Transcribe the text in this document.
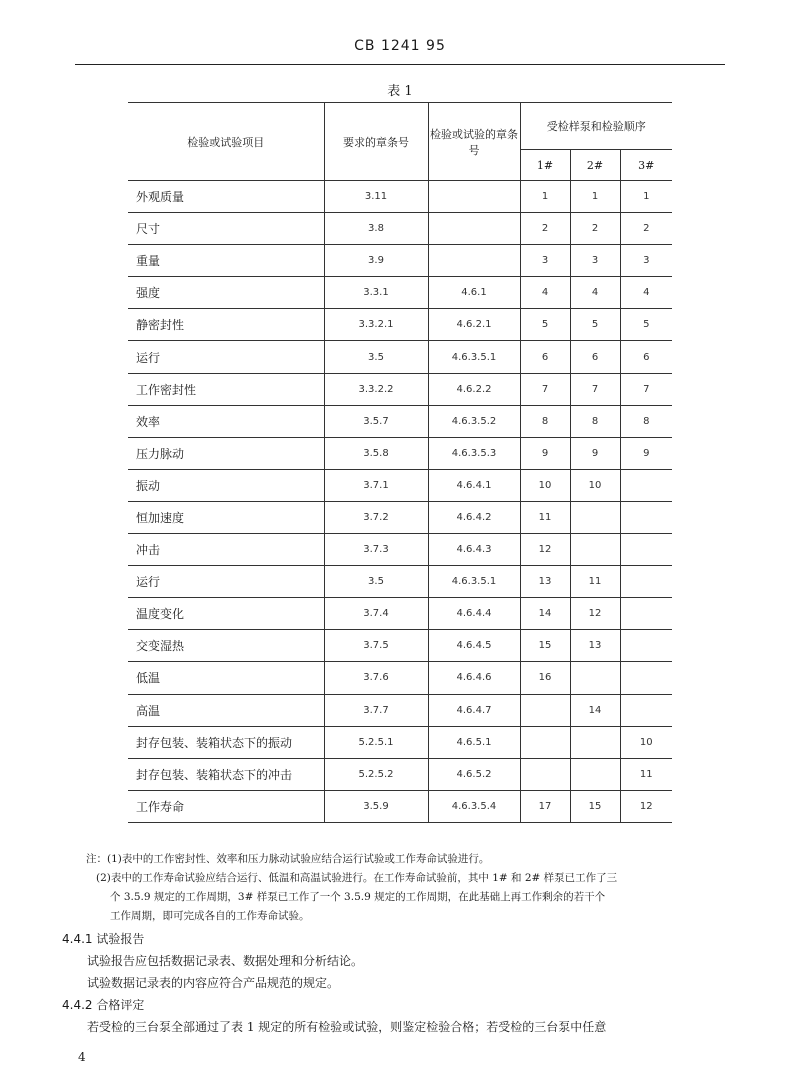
CB 1241 95
表 1
检验或试验项目	要求的章条号	检验或试验的章条号	受检样泵和检验顺序		
			1#	2#	3#
外观质量	3.11		1	1	1
尺寸	3.8		2	2	2
重量	3.9		3	3	3
强度	3.3.1	4.6.1	4	4	4
静密封性	3.3.2.1	4.6.2.1	5	5	5
运行	3.5	4.6.3.5.1	6	6	6
工作密封性	3.3.2.2	4.6.2.2	7	7	7
效率	3.5.7	4.6.3.5.2	8	8	8
压力脉动	3.5.8	4.6.3.5.3	9	9	9
振动	3.7.1	4.6.4.1	10	10	
恒加速度	3.7.2	4.6.4.2	11		
冲击	3.7.3	4.6.4.3	12		
运行	3.5	4.6.3.5.1	13	11	
温度变化	3.7.4	4.6.4.4	14	12	
交变湿热	3.7.5	4.6.4.5	15	13	
低温	3.7.6	4.6.4.6	16		
高温	3.7.7	4.6.4.7		14	
封存包装、装箱状态下的振动	5.2.5.1	4.6.5.1			10
封存包装、装箱状态下的冲击	5.2.5.2	4.6.5.2			11
工作寿命	3.5.9	4.6.3.5.4	17	15	12
注：(1)表中的工作密封性、效率和压力脉动试验应结合运行试验或工作寿命试验进行。
(2)表中的工作寿命试验应结合运行、低温和高温试验进行。在工作寿命试验前，其中 1# 和 2# 样泵已工作了三
个 3.5.9 规定的工作周期，3# 样泵已工作了一个 3.5.9 规定的工作周期，在此基础上再工作剩余的若干个
工作周期，即可完成各自的工作寿命试验。
4.4.1 试验报告
试验报告应包括数据记录表、数据处理和分析结论。
试验数据记录表的内容应符合产品规范的规定。
4.4.2 合格评定
若受检的三台泵全部通过了表 1 规定的所有检验或试验，则鉴定检验合格；若受检的三台泵中任意
4
